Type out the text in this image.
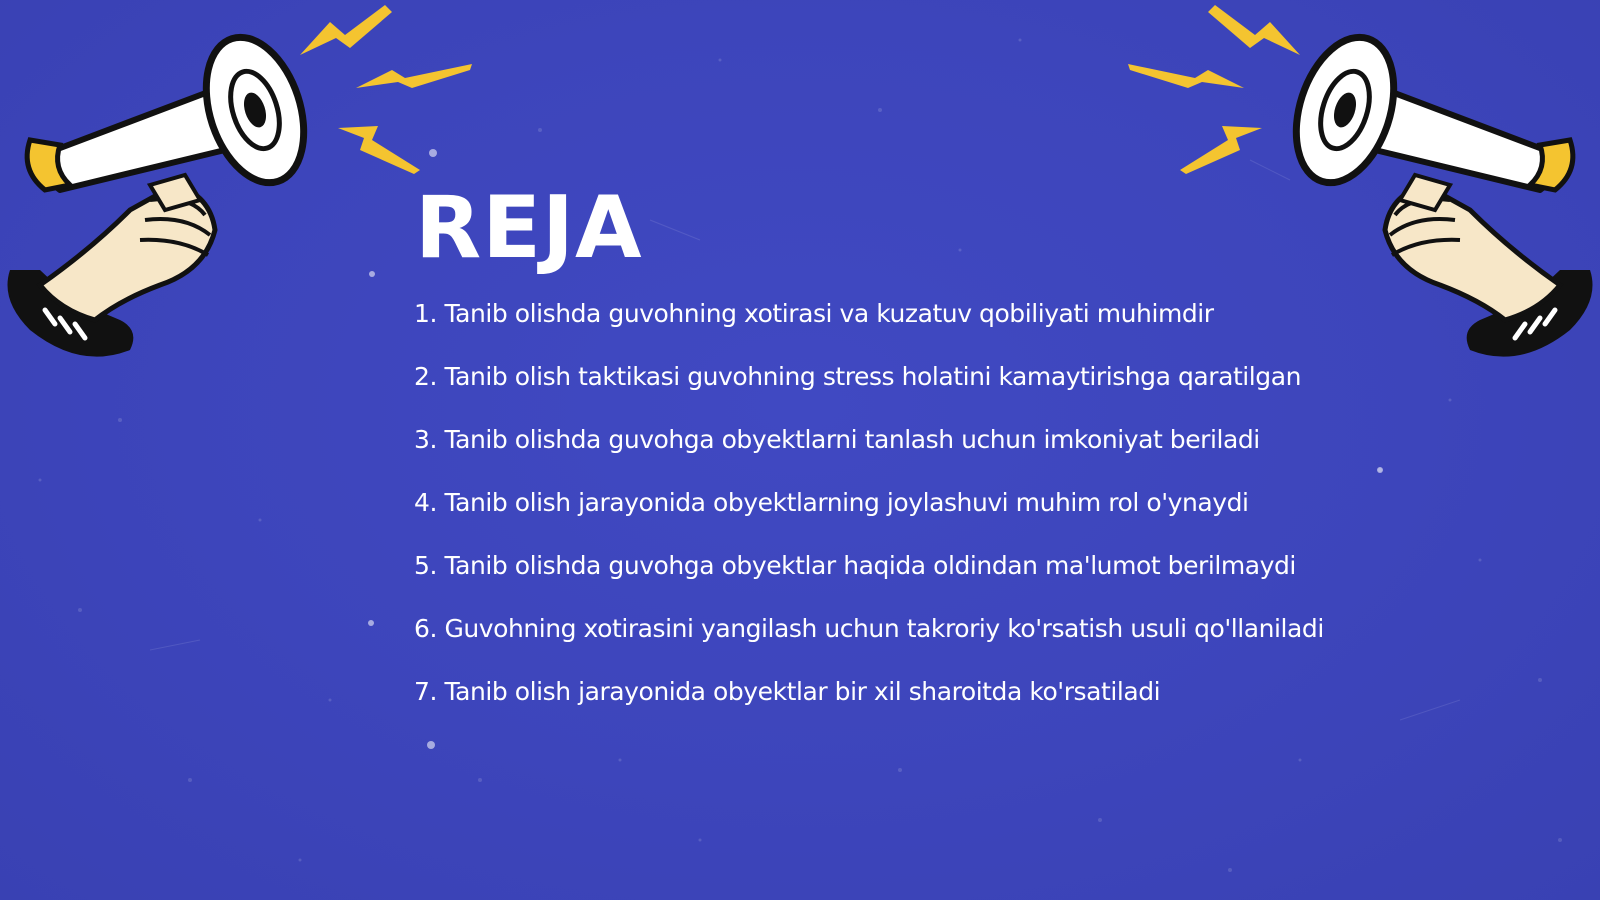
REJA
1. Tanib olishda guvohning xotirasi va kuzatuv qobiliyati muhimdir
2. Tanib olish taktikasi guvohning stress holatini kamaytirishga qaratilgan
3. Tanib olishda guvohga obyektlarni tanlash uchun imkoniyat beriladi
4. Tanib olish jarayonida obyektlarning joylashuvi muhim rol o'ynaydi
5. Tanib olishda guvohga obyektlar haqida oldindan ma'lumot berilmaydi
6. Guvohning xotirasini yangilash uchun takroriy ko'rsatish usuli qo'llaniladi
7. Tanib olish jarayonida obyektlar bir xil sharoitda ko'rsatiladi
